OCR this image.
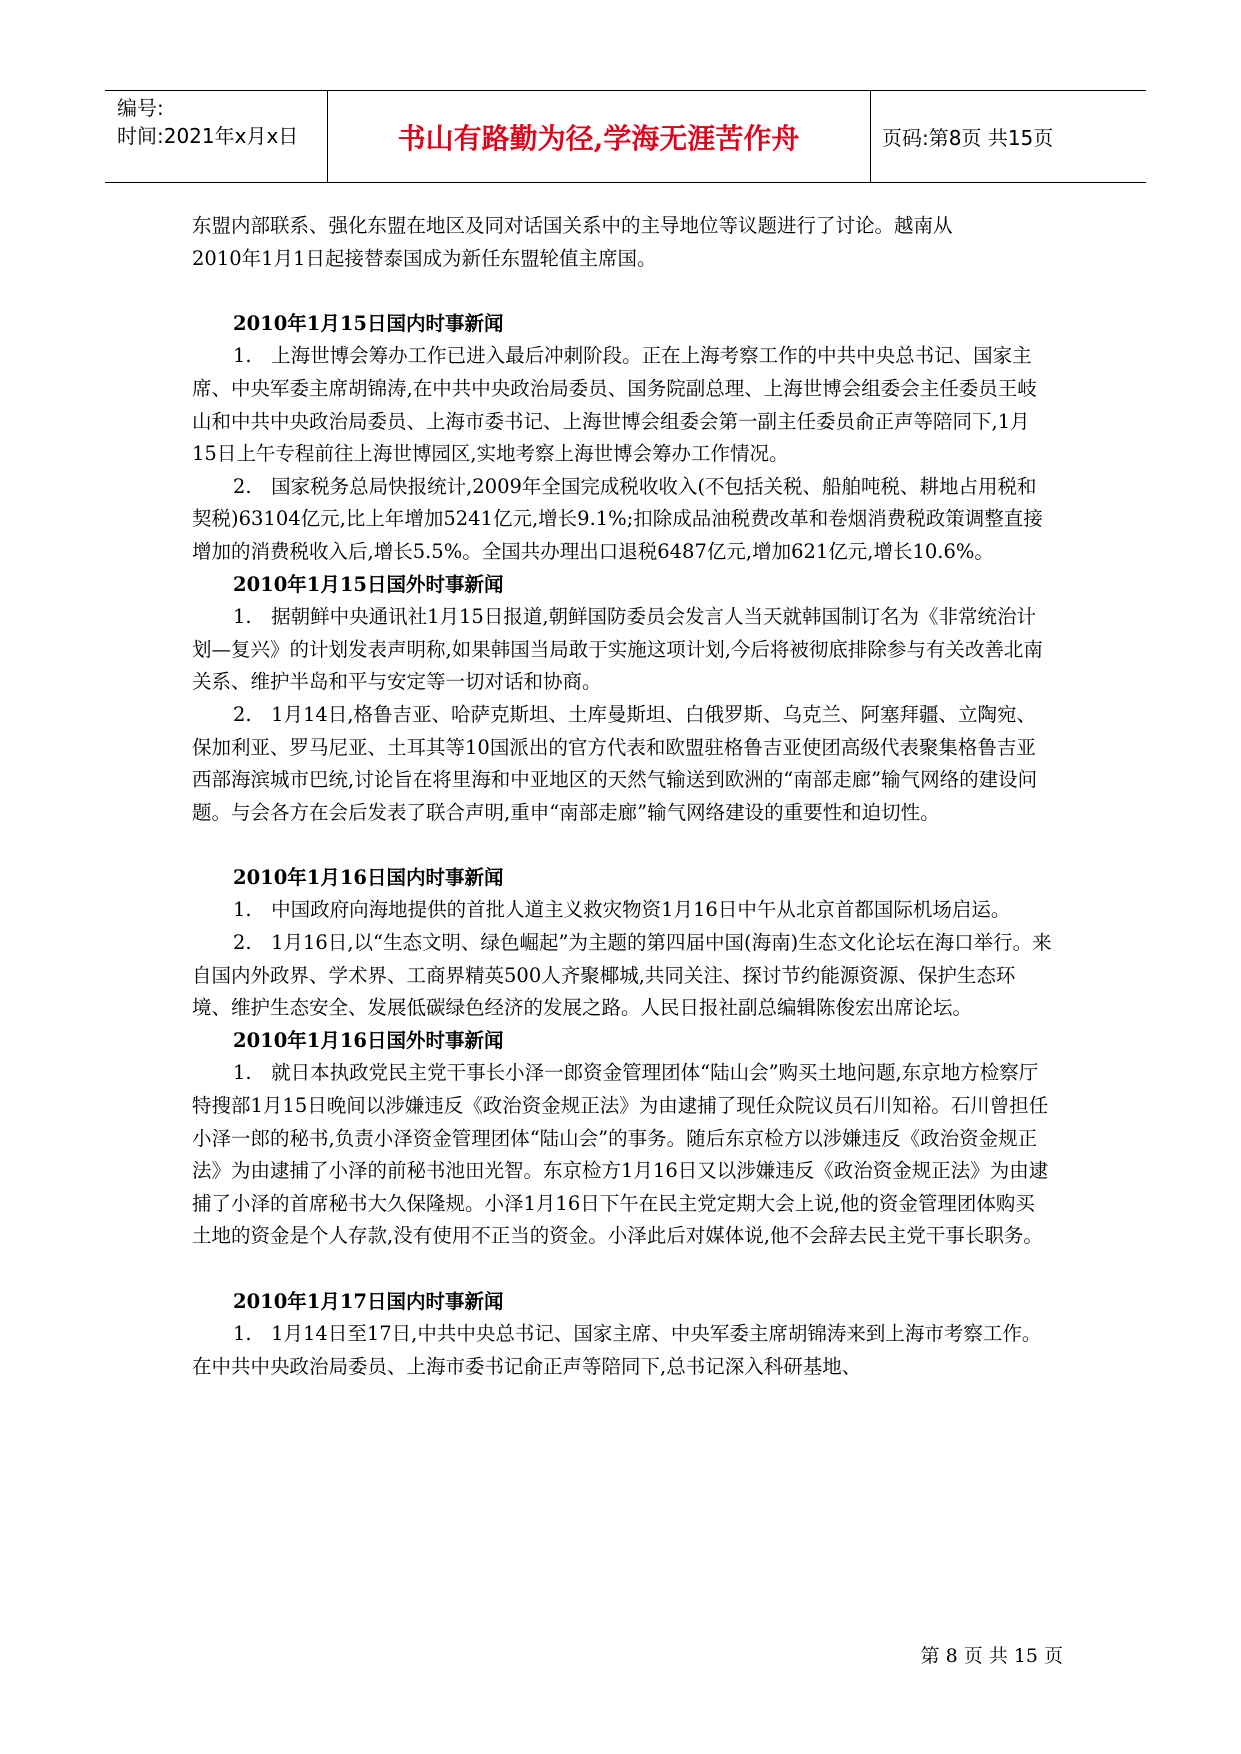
编号:
时间:2021年x月x日	书山有路勤为径,学海无涯苦作舟	页码:第8页 共15页

东盟内部联系、强化东盟在地区及同对话国关系中的主导地位等议题进行了讨论。越南从

2010年1月1日起接替泰国成为新任东盟轮值主席国。

2010年1月15日国内时事新闻

1.　上海世博会筹办工作已进入最后冲刺阶段。正在上海考察工作的中共中央总书记、国家主席、中央军委主席胡锦涛,在中共中央政治局委员、国务院副总理、上海世博会组委会主任委员王岐山和中共中央政治局委员、上海市委书记、上海世博会组委会第一副主任委员俞正声等陪同下,1月15日上午专程前往上海世博园区,实地考察上海世博会筹办工作情况。

2.　国家税务总局快报统计,2009年全国完成税收收入(不包括关税、船舶吨税、耕地占用税和契税)63104亿元,比上年增加5241亿元,增长9.1%;扣除成品油税费改革和卷烟消费税政策调整直接增加的消费税收入后,增长5.5%。全国共办理出口退税6487亿元,增加621亿元,增长10.6%。

2010年1月15日国外时事新闻

1.　据朝鲜中央通讯社1月15日报道,朝鲜国防委员会发言人当天就韩国制订名为《非常统治计划—复兴》的计划发表声明称,如果韩国当局敢于实施这项计划,今后将被彻底排除参与有关改善北南关系、维护半岛和平与安定等一切对话和协商。

2.　1月14日,格鲁吉亚、哈萨克斯坦、土库曼斯坦、白俄罗斯、乌克兰、阿塞拜疆、立陶宛、保加利亚、罗马尼亚、土耳其等10国派出的官方代表和欧盟驻格鲁吉亚使团高级代表聚集格鲁吉亚西部海滨城市巴统,讨论旨在将里海和中亚地区的天然气输送到欧洲的“南部走廊”输气网络的建设问题。与会各方在会后发表了联合声明,重申“南部走廊”输气网络建设的重要性和迫切性。

2010年1月16日国内时事新闻

1.　中国政府向海地提供的首批人道主义救灾物资1月16日中午从北京首都国际机场启运。

2.　1月16日,以“生态文明、绿色崛起”为主题的第四届中国(海南)生态文化论坛在海口举行。来自国内外政界、学术界、工商界精英500人齐聚椰城,共同关注、探讨节约能源资源、保护生态环境、维护生态安全、发展低碳绿色经济的发展之路。人民日报社副总编辑陈俊宏出席论坛。

2010年1月16日国外时事新闻

1.　就日本执政党民主党干事长小泽一郎资金管理团体“陆山会”购买土地问题,东京地方检察厅特搜部1月15日晚间以涉嫌违反《政治资金规正法》为由逮捕了现任众院议员石川知裕。石川曾担任小泽一郎的秘书,负责小泽资金管理团体“陆山会”的事务。随后东京检方以涉嫌违反《政治资金规正法》为由逮捕了小泽的前秘书池田光智。东京检方1月16日又以涉嫌违反《政治资金规正法》为由逮捕了小泽的首席秘书大久保隆规。小泽1月16日下午在民主党定期大会上说,他的资金管理团体购买土地的资金是个人存款,没有使用不正当的资金。小泽此后对媒体说,他不会辞去民主党干事长职务。

2010年1月17日国内时事新闻

1.　1月14日至17日,中共中央总书记、国家主席、中央军委主席胡锦涛来到上海市考察工作。在中共中央政治局委员、上海市委书记俞正声等陪同下,总书记深入科研基地、

第 8 页 共 15 页
